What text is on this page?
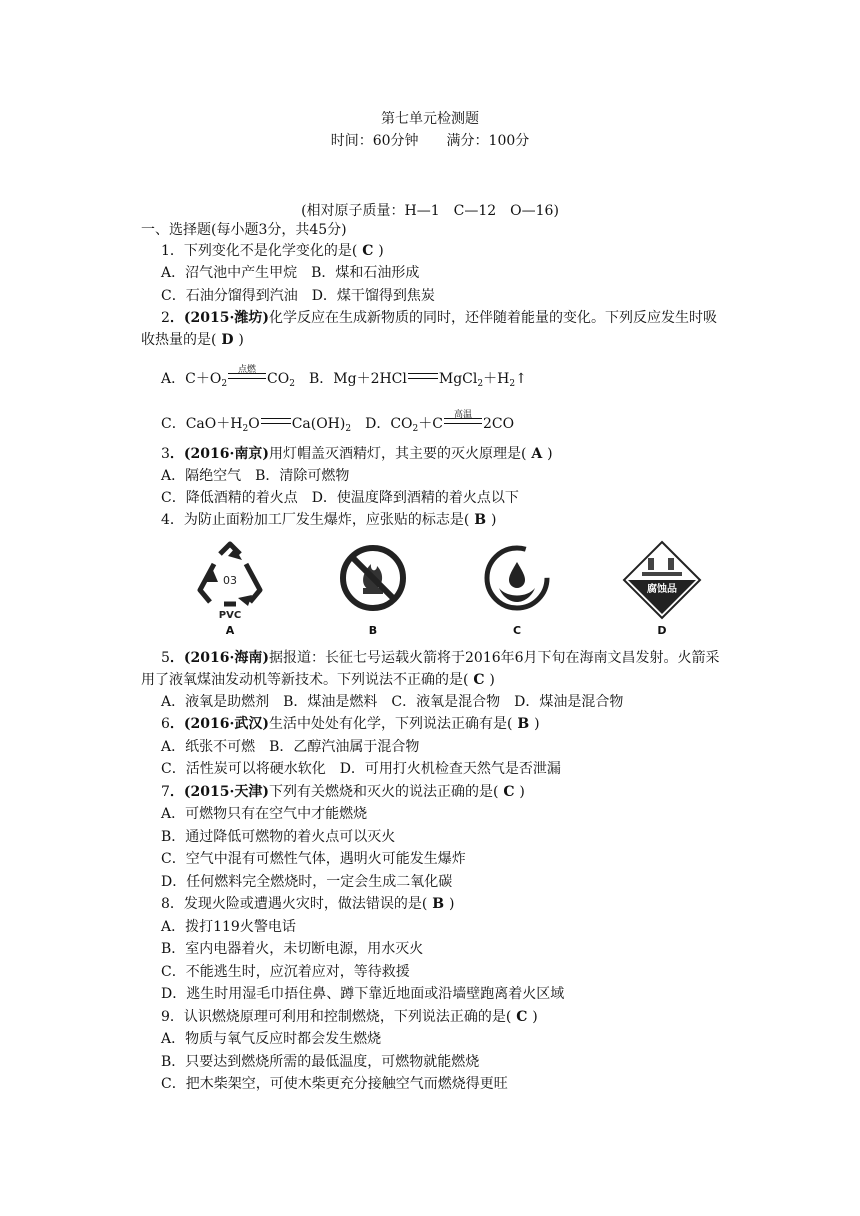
第七单元检测题
时间：60分钟　　满分：100分
(相对原子质量：H—1　C—12　O—16)
一、选择题(每小题3分，共45分)
1．下列变化不是化学变化的是( C )
A．沼气池中产生甲烷　B．煤和石油形成
C．石油分馏得到汽油　D．煤干馏得到焦炭
2．(2015·潍坊)化学反应在生成新物质的同时，还伴随着能量的变化。下列反应发生时吸收热量的是( D )
A．$C+O_2$
点燃
$CO_2$　B．Mg＋2HCl $MgCl_2+H_2↑$
C．$CaO+H_2O$ $Ca(OH)_2$　D．$CO_2+C$
高温
2CO
3．(2016·南京)用灯帽盖灭酒精灯，其主要的灭火原理是( A )
A．隔绝空气　B．清除可燃物
C．降低酒精的着火点　D．使温度降到酒精的着火点以下
4．为防止面粉加工厂发生爆炸，应张贴的标志是( B )
03
PVC
腐蚀品
A	B	C	D
5．(2016·海南)据报道：长征七号运载火箭将于2016年6月下旬在海南文昌发射。火箭采用了液氧煤油发动机等新技术。下列说法不正确的是( C )
A．液氧是助燃剂　B．煤油是燃料　C．液氧是混合物　D．煤油是混合物
6．(2016·武汉)生活中处处有化学，下列说法正确有是( B )
A．纸张不可燃　B．乙醇汽油属于混合物
C．活性炭可以将硬水软化　D．可用打火机检查天然气是否泄漏
7．(2015·天津)下列有关燃烧和灭火的说法正确的是( C )
A．可燃物只有在空气中才能燃烧
B．通过降低可燃物的着火点可以灭火
C．空气中混有可燃性气体，遇明火可能发生爆炸
D．任何燃料完全燃烧时，一定会生成二氧化碳
8．发现火险或遭遇火灾时，做法错误的是( B )
A．拨打119火警电话
B．室内电器着火，未切断电源，用水灭火
C．不能逃生时，应沉着应对，等待救援
D．逃生时用湿毛巾捂住鼻、蹲下靠近地面或沿墙壁跑离着火区域
9．认识燃烧原理可利用和控制燃烧，下列说法正确的是( C )
A．物质与氧气反应时都会发生燃烧
B．只要达到燃烧所需的最低温度，可燃物就能燃烧
C．把木柴架空，可使木柴更充分接触空气而燃烧得更旺
